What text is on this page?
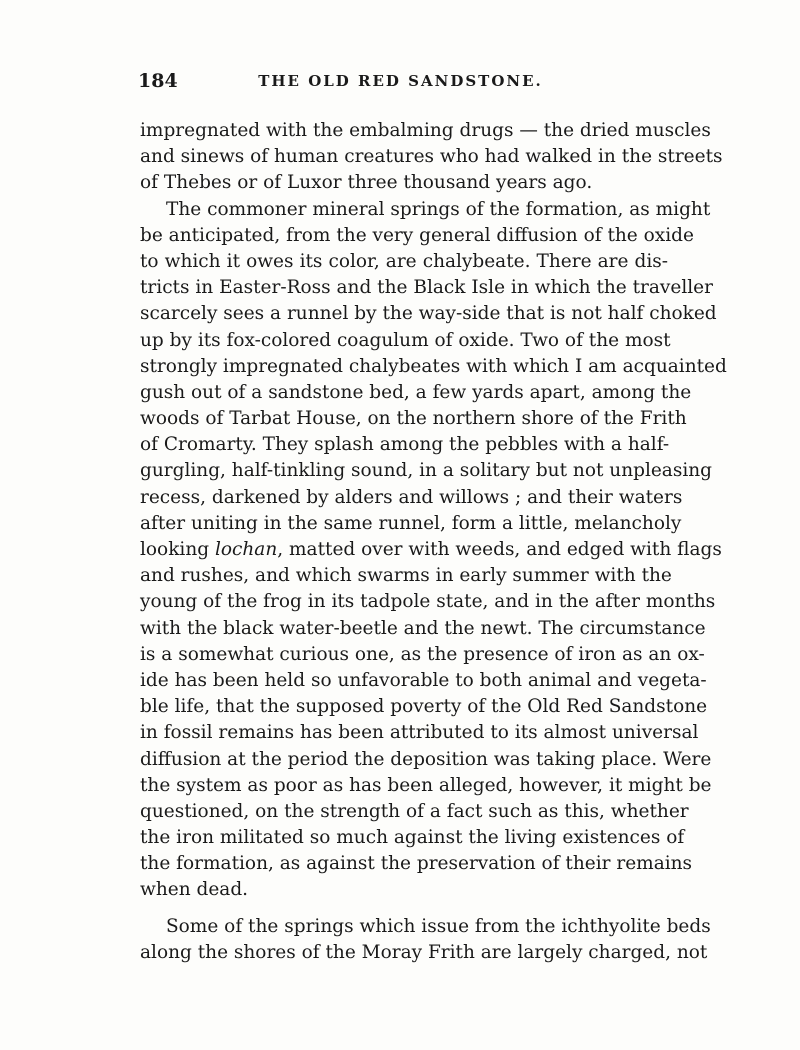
184	THE OLD RED SANDSTONE.
impregnated with the embalming drugs — the dried muscles
and sinews of human creatures who had walked in the streets
of Thebes or of Luxor three thousand years ago.
The commoner mineral springs of the formation, as might
be anticipated, from the very general diffusion of the oxide
to which it owes its color, are chalybeate. There are dis-
tricts in Easter-Ross and the Black Isle in which the traveller
scarcely sees a runnel by the way-side that is not half choked
up by its fox-colored coagulum of oxide. Two of the most
strongly impregnated chalybeates with which I am acquainted
gush out of a sandstone bed, a few yards apart, among the
woods of Tarbat House, on the northern shore of the Frith
of Cromarty. They splash among the pebbles with a half-
gurgling, half-tinkling sound, in a solitary but not unpleasing
recess, darkened by alders and willows ; and their waters
after uniting in the same runnel, form a little, melancholy
looking lochan, matted over with weeds, and edged with flags
and rushes, and which swarms in early summer with the
young of the frog in its tadpole state, and in the after months
with the black water-beetle and the newt. The circumstance
is a somewhat curious one, as the presence of iron as an ox-
ide has been held so unfavorable to both animal and vegeta-
ble life, that the supposed poverty of the Old Red Sandstone
in fossil remains has been attributed to its almost universal
diffusion at the period the deposition was taking place. Were
the system as poor as has been alleged, however, it might be
questioned, on the strength of a fact such as this, whether
the iron militated so much against the living existences of
the formation, as against the preservation of their remains
when dead.
Some of the springs which issue from the ichthyolite beds
along the shores of the Moray Frith are largely charged, not
